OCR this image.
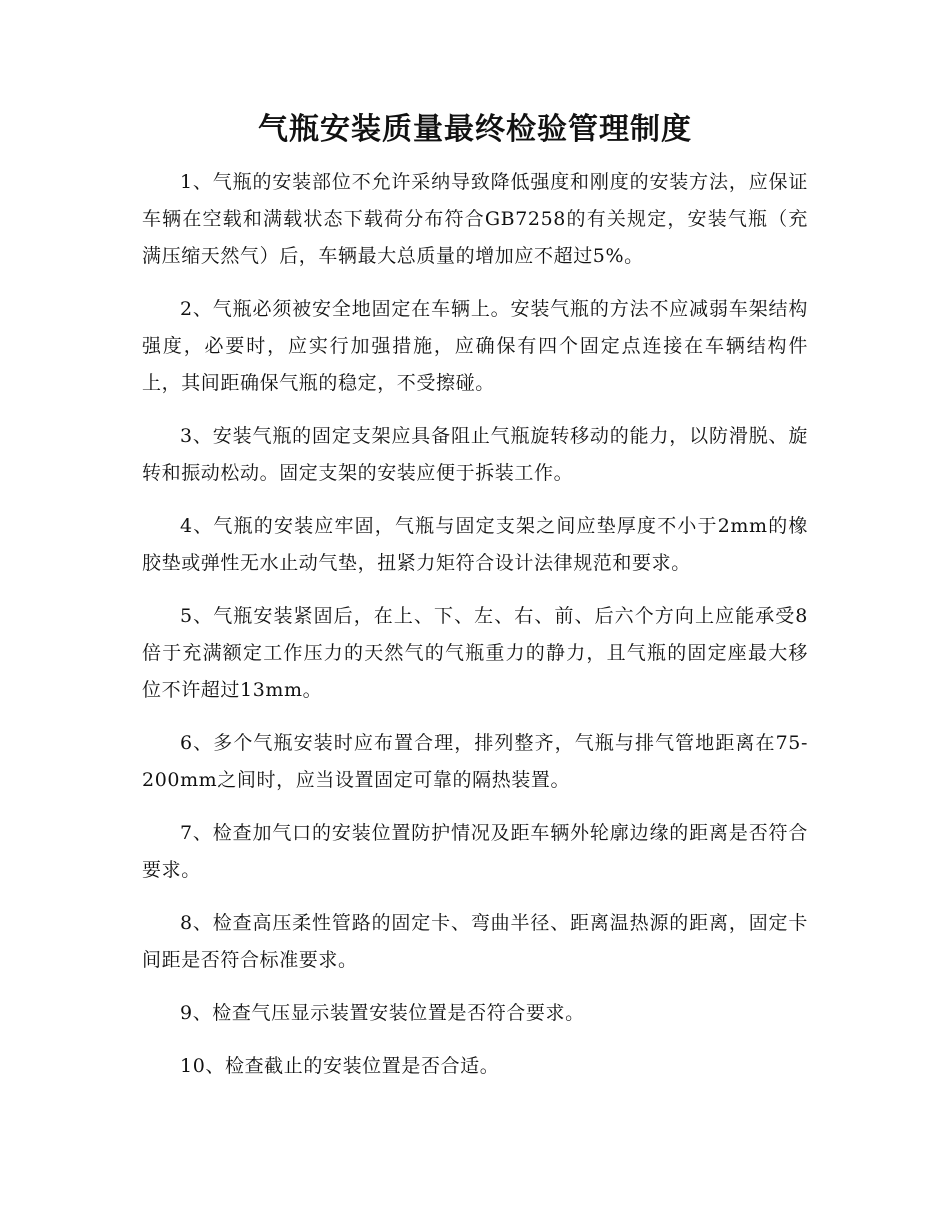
气瓶安装质量最终检验管理制度

1、气瓶的安装部位不允许采纳导致降低强度和刚度的安装方法，应保证车辆在空载和满载状态下载荷分布符合GB7258的有关规定，安装气瓶（充满压缩天然气）后，车辆最大总质量的增加应不超过5%。

2、气瓶必须被安全地固定在车辆上。安装气瓶的方法不应减弱车架结构强度，必要时，应实行加强措施，应确保有四个固定点连接在车辆结构件上，其间距确保气瓶的稳定，不受擦碰。

3、安装气瓶的固定支架应具备阻止气瓶旋转移动的能力，以防滑脱、旋转和振动松动。固定支架的安装应便于拆装工作。

4、气瓶的安装应牢固，气瓶与固定支架之间应垫厚度不小于2mm的橡胶垫或弹性无水止动气垫，扭紧力矩符合设计法律规范和要求。

5、气瓶安装紧固后，在上、下、左、右、前、后六个方向上应能承受8倍于充满额定工作压力的天然气的气瓶重力的静力，且气瓶的固定座最大移位不许超过13mm。

6、多个气瓶安装时应布置合理，排列整齐，气瓶与排气管地距离在75-200mm之间时，应当设置固定可靠的隔热装置。

7、检查加气口的安装位置防护情况及距车辆外轮廓边缘的距离是否符合要求。

8、检查高压柔性管路的固定卡、弯曲半径、距离温热源的距离，固定卡间距是否符合标准要求。

9、检查气压显示装置安装位置是否符合要求。

10、检查截止的安装位置是否合适。
